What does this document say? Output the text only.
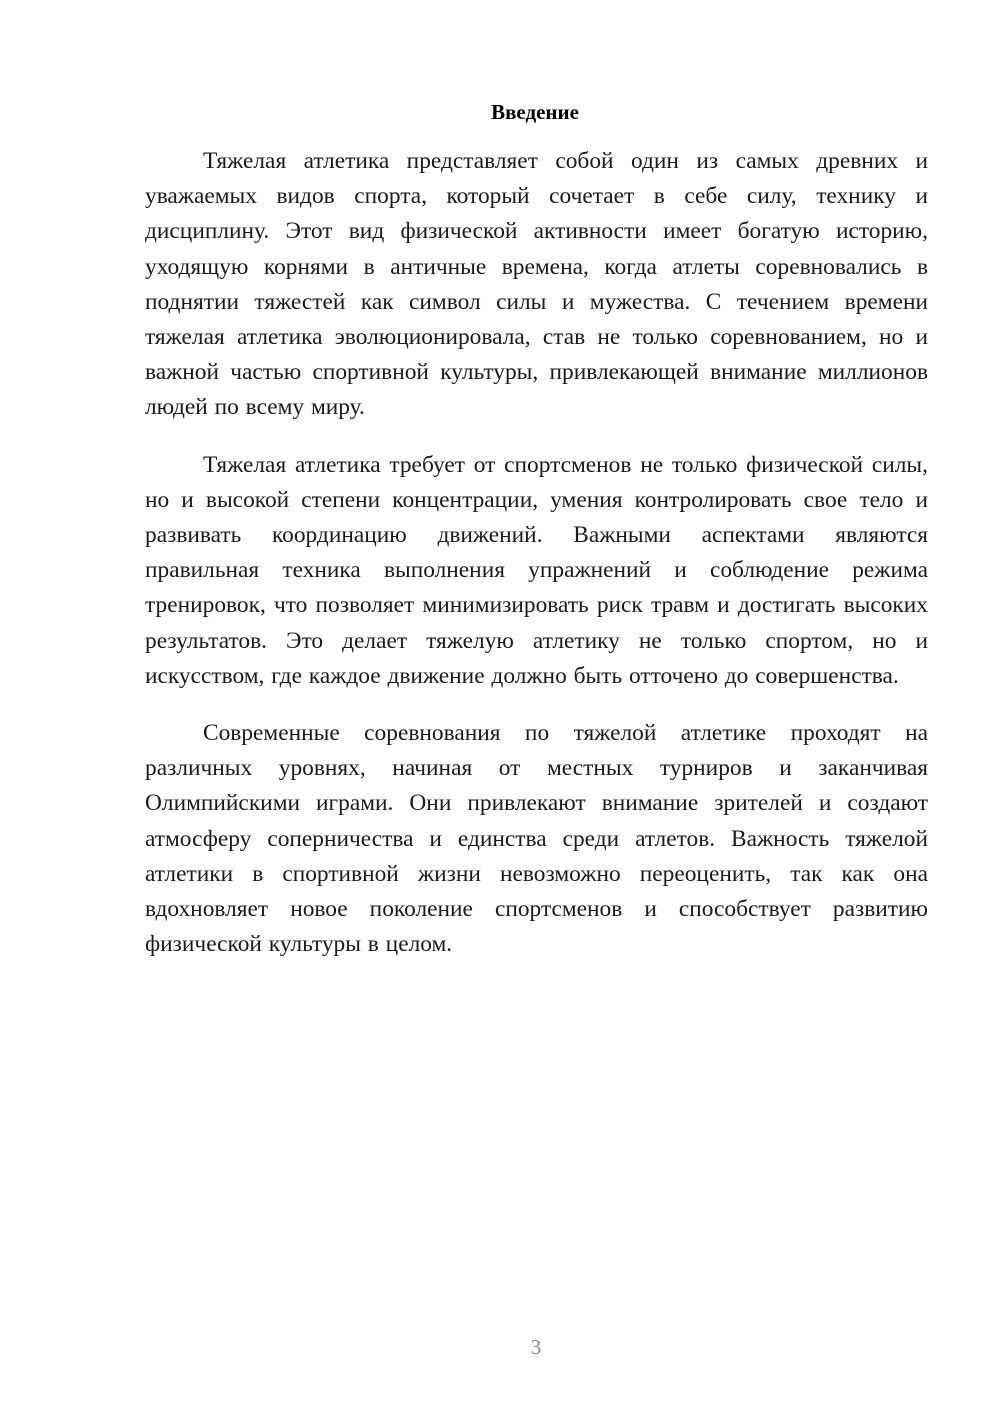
Введение

Тяжелая атлетика представляет собой один из самых древних и уважаемых видов спорта, который сочетает в себе силу, технику и дисциплину. Этот вид физической активности имеет богатую историю, уходящую корнями в античные времена, когда атлеты соревновались в поднятии тяжестей как символ силы и мужества. С течением времени тяжелая атлетика эволюционировала, став не только соревнованием, но и важной частью спортивной культуры, привлекающей внимание миллионов людей по всему миру.

Тяжелая атлетика требует от спортсменов не только физической силы, но и высокой степени концентрации, умения контролировать свое тело и развивать координацию движений. Важными аспектами являются правильная техника выполнения упражнений и соблюдение режима тренировок, что позволяет минимизировать риск травм и достигать высоких результатов. Это делает тяжелую атлетику не только спортом, но и искусством, где каждое движение должно быть отточено до совершенства.

Современные соревнования по тяжелой атлетике проходят на различных уровнях, начиная от местных турниров и заканчивая Олимпийскими играми. Они привлекают внимание зрителей и создают атмосферу соперничества и единства среди атлетов. Важность тяжелой атлетики в спортивной жизни невозможно переоценить, так как она вдохновляет новое поколение спортсменов и способствует развитию физической культуры в целом.

3
